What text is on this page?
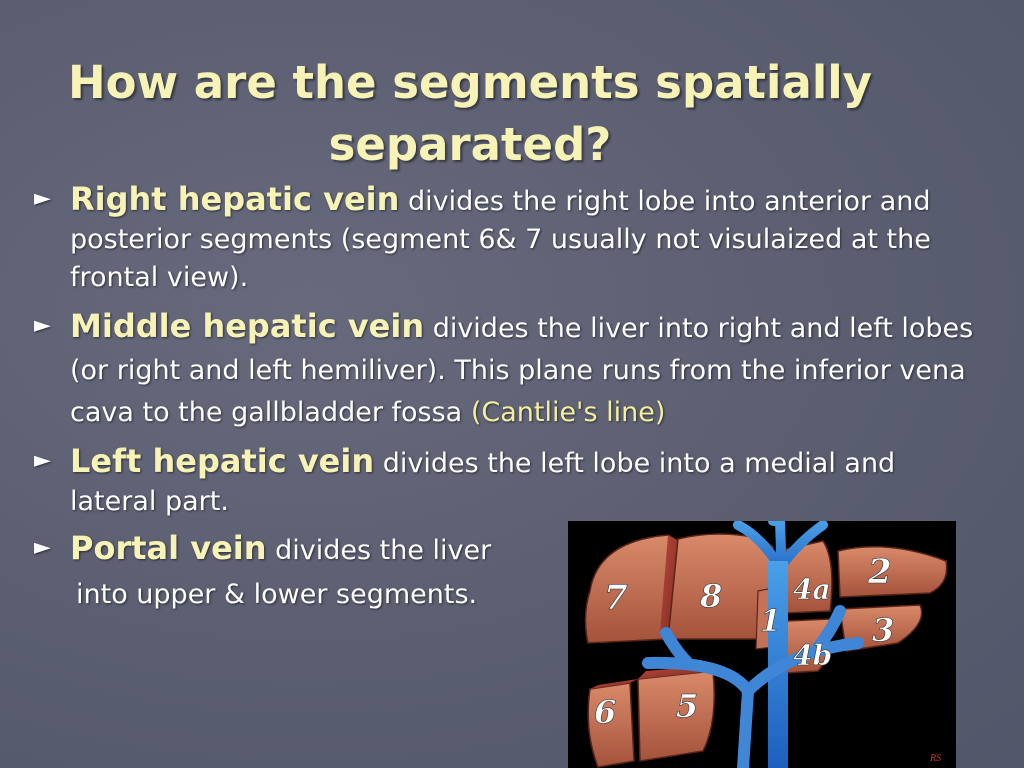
How are the segments spatially
separated?
► Right hepatic vein divides the right lobe into anterior and posterior segments (segment 6& 7 usually not visulaized at the frontal view).
► Middle hepatic vein divides the liver into right and left lobes (or right and left hemiliver). This plane runs from the inferior vena cava to the gallbladder fossa (Cantlie's line)
► Left hepatic vein divides the left lobe into a medial and lateral part.
► Portal vein divides the liver
into upper & lower segments.	7 8	4a 2
1	3
4b
6 5
RS
